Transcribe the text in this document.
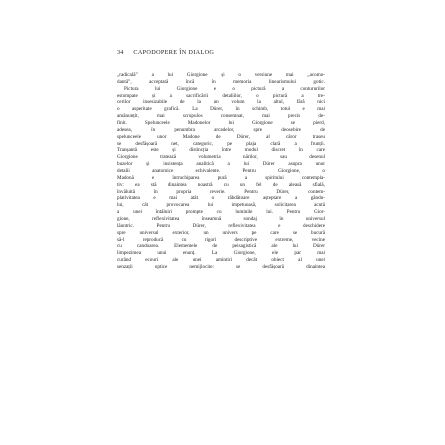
34 CAPODOPERE ÎN DIALOG
„radicală” a lui Giorgione și o versiune mai „acomo-
dantă”, acceptată încă în memoria linearismului gotic.
Pictura lui Giorgione e o pictură a contururilor
estompate și a sacrificării detaliilor, o pictură a tre-
cerilor insesizabile de la un volum la altul, fără nici
o asperitate grafică. La Dürer, în schimb, totul e mai
amănunțit, mai scrupulos consemnat, mai precis de-
finit. Spelunceele Madonelor lui Giorgione se pierd,
adesea, în penumbra arcadelor, spre deosebire de
spelunceele unor Madone de Dürer, al căror traseu
se desfășoară net, categoric, pe plaja clară a frunții.
Tranșantă este și distincția între modul discret în care
Giorgione tratează volumetria nărilor, sau desenul
buzelor și insistența analitică a lui Dürer asupra unor
detalii anatomice echivalente. Pentru Giorgione, o
Madonă e întruchiparea pură a spiritului contempla-
tiv: ea stă dinaintea noastră cu un fel de aleasă sfială,
învăluită în propria reverie. Pentru Dürer, contem-
plativitatea e mai atât o răbdătoare așteptare a gându-
lui, cât provocarea lui impetuoasă, solicitarea acută
a unei întâlniri prompte cu luminile lui. Pentru Gior-
gione, reflexivitatea înseamnă sondaj în universul
lăuntric. Pentru Dürer, reflexivitatea e deschidere
spre universul exterior, un univers pe care se bucură
să-l reproducă cu rigori descriptive extreme, vecine
cu candoarea. Elementele de peisagistică ale lui Dürer
limpezimea unui enunț. La Giorgione, ele par mai
curând ecouri ale unei amintiri decât obiect al unei
senzații optice nemijlocite: se desfășoară dinaintea
